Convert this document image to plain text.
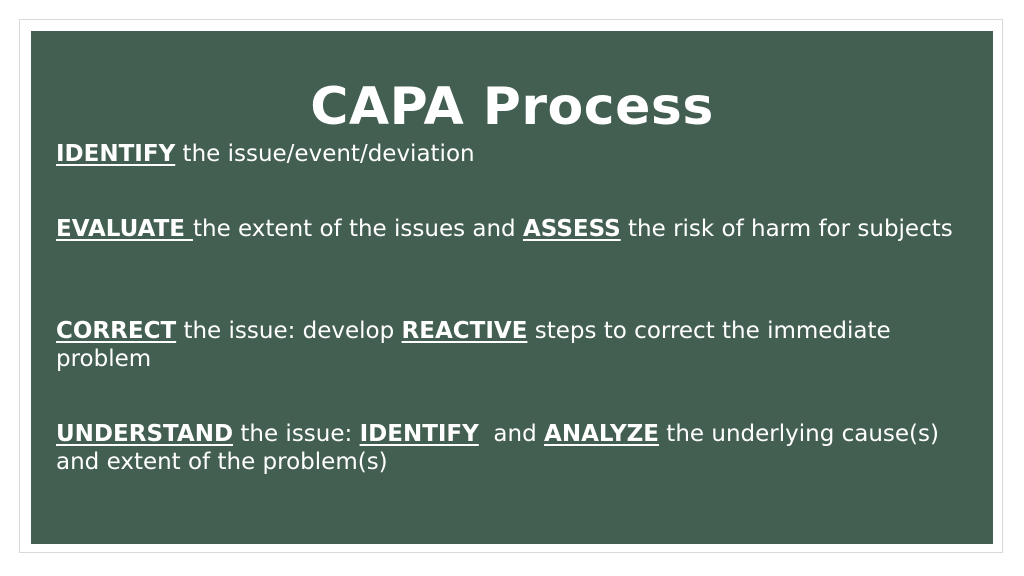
CAPA Process

IDENTIFY the issue/event/deviation

EVALUATE the extent of the issues and ASSESS the risk of harm for subjects

CORRECT the issue: develop REACTIVE steps to correct the immediate problem

UNDERSTAND the issue: IDENTIFY  and ANALYZE the underlying cause(s) and extent of the problem(s)
